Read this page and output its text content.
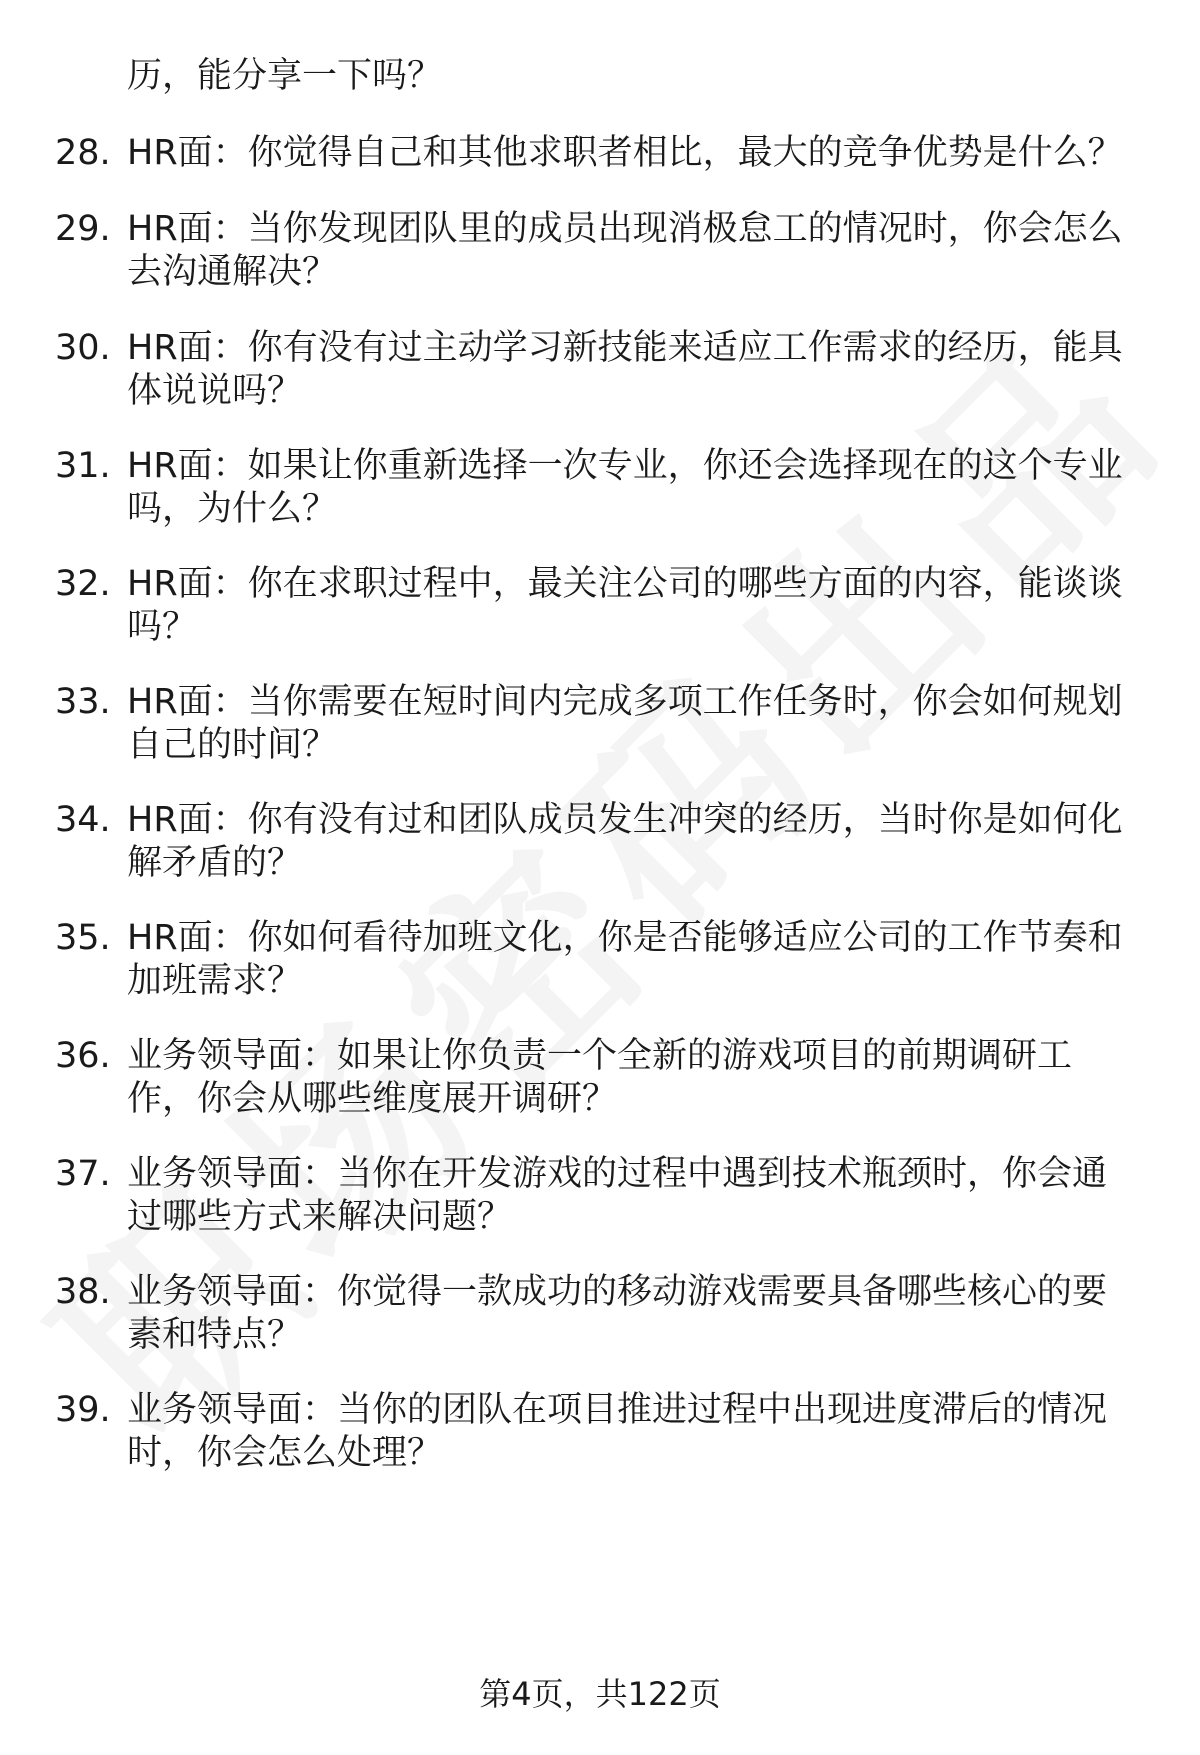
历，能分享一下吗？
28. HR面：你觉得自己和其他求职者相比，最大的竞争优势是什么？
29. HR面：当你发现团队里的成员出现消极怠工的情况时，你会怎么
去沟通解决？
30. HR面：你有没有过主动学习新技能来适应工作需求的经历，能具
体说说吗？
31. HR面：如果让你重新选择一次专业，你还会选择现在的这个专业
吗，为什么？
32. HR面：你在求职过程中，最关注公司的哪些方面的内容，能谈谈
吗？
33. HR面：当你需要在短时间内完成多项工作任务时，你会如何规划
自己的时间？
34. HR面：你有没有过和团队成员发生冲突的经历，当时你是如何化
解矛盾的？
35. HR面：你如何看待加班文化，你是否能够适应公司的工作节奏和
加班需求？
36. 业务领导面：如果让你负责一个全新的游戏项目的前期调研工
作，你会从哪些维度展开调研？
37. 业务领导面：当你在开发游戏的过程中遇到技术瓶颈时，你会通
过哪些方式来解决问题？
38. 业务领导面：你觉得一款成功的移动游戏需要具备哪些核心的要
素和特点？
39. 业务领导面：当你的团队在项目推进过程中出现进度滞后的情况
时，你会怎么处理？
第4页，共122页
